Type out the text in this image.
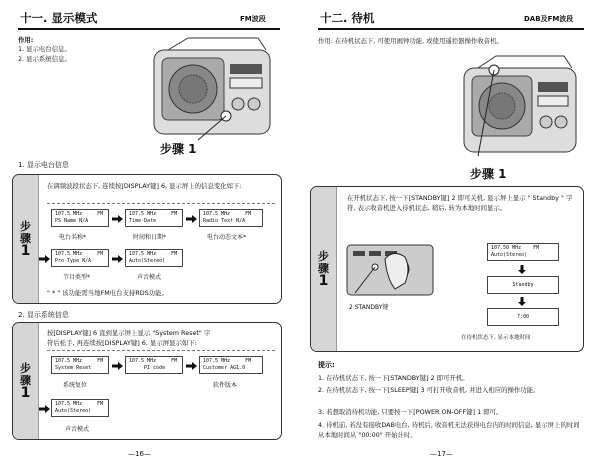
十一. 显示模式	FM波段
作用:
1. 显示电台信息。
2. 显示系统信息。
步骤 1
1. 显示电台信息
步
骤
1
在调频波段状态下, 连续按[DISPLAY键] 6, 显示屏上的信息变化如下:
107.5 MHz     FM
PS Name N/A
107.5 MHz     FM
Time-Date
107.5 MHz     FM
Radio Text N/A
电台名称*	时间和日期*	电台动态文本*
107.5 MHz     FM
Pro Type N/A
107.5 MHz     FM
Auto(Stereo)
节目类型*	声音模式
" * " 该功能需当地FM电台支持RDS功能。
2. 显示系统信息
步
骤
1
按[DISPLAY键] 6 直到显示屏上显示 "System Reset" 字
符后松手, 再连续按[DISPLAY键] 6, 显示屏显示如下:
107.5 MHz     FM
System Reset
107.5 MHz     FM
PI code
107.5 MHz     FM
Customer AG1.0
系统复位	软件版本
107.5 MHz     FM
Auto(Stereo)
声音模式
—16—
十二. 待机	DAB及FM波段
作用: 在待机状态下, 可使用闹钟功能, 或使用遥控器操作收音机。
步骤 1
步
骤
1
在开机状态下, 按一下[STANDBY键] 2 即可关机, 显示屏上显示 " Standby " 字符, 表示收音机进入待机状态, 稍后, 转为本地时间显示。
2 STANDBY键
107.50 MHz    FM
Auto(Stereo)
Standby
7:00
在待机状态下, 显示本地时间
提示:
1. 在待机状态下, 按一下[STANDBY键] 2 即可开机。
2. 在待机状态下, 按一下[SLEEP键] 3 可打开收音机, 并进入相应的操作功能。
3. 若想取消待机功能, 只要按一下[POWER ON-OFF键] 1 即可。
4. 待机前, 若没有接收DAB电台, 待机后, 收音机无法获得电台内的时间信息, 显示屏上的时间从本地时间从 "00:00" 开始计时。
—17—
